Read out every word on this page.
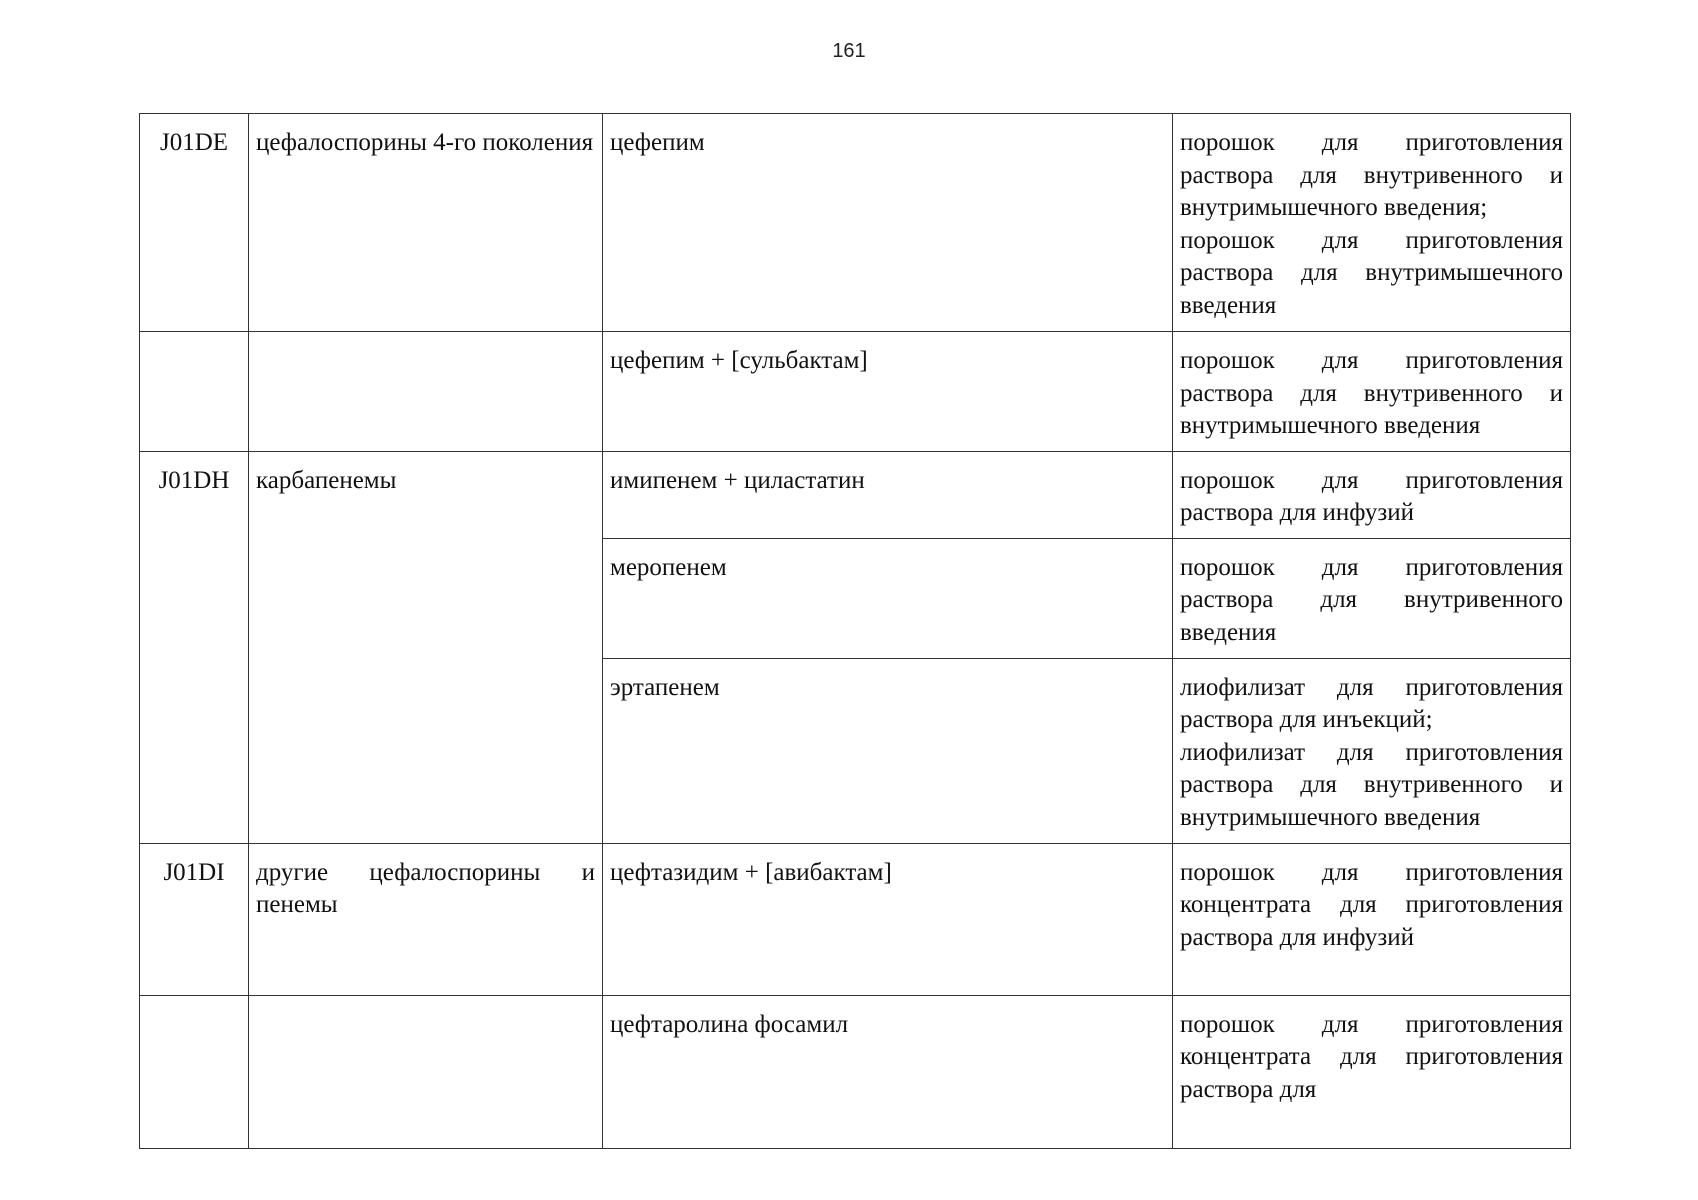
161
J01DE	цефалоспорины 4-го поколения	цефепим	порошок для приготовления раствора для внутривенного и внутримышечного введения;
порошок для приготовления раствора для внутримышечного введения

		цефепим + [сульбактам]	порошок для приготовления раствора для внутривенного и внутримышечного введения

J01DH	карбапенемы	имипенем + циластатин	порошок для приготовления раствора для инфузий

		меропенем	порошок для приготовления раствора для внутривенного введения

		эртапенем	лиофилизат для приготовления раствора для инъекций;
лиофилизат для приготовления раствора для внутривенного и внутримышечного введения

J01DI	другие цефалоспорины и пенемы	цефтазидим + [авибактам]	порошок для приготовления концентрата для приготовления раствора для инфузий

		цефтаролина фосамил	порошок для приготовления концентрата для приготовления раствора для
